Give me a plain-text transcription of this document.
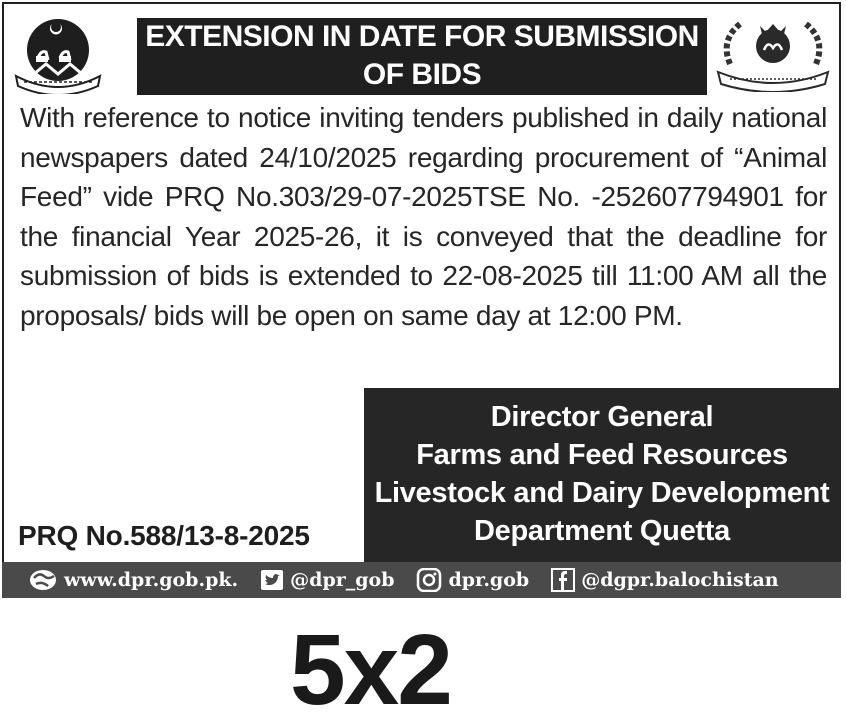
EXTENSION IN DATE FOR SUBMISSION OF BIDS
With reference to notice inviting tenders published in daily national newspapers dated 24/10/2025 regarding procurement of “Animal Feed” vide PRQ No.303/29-07-2025TSE No. -252607794901 for the financial Year 2025-26, it is conveyed that the deadline for submission of bids is extended to 22-08-2025 till 11:00 AM all the proposals/ bids will be open on same day at 12:00 PM.
Director General
Farms and Feed Resources
Livestock and Dairy Development
Department Quetta
PRQ No.588/13-8-2025
www.dpr.gob.pk.	@dpr_gob	dpr.gob	@dgpr.balochistan
5x2
